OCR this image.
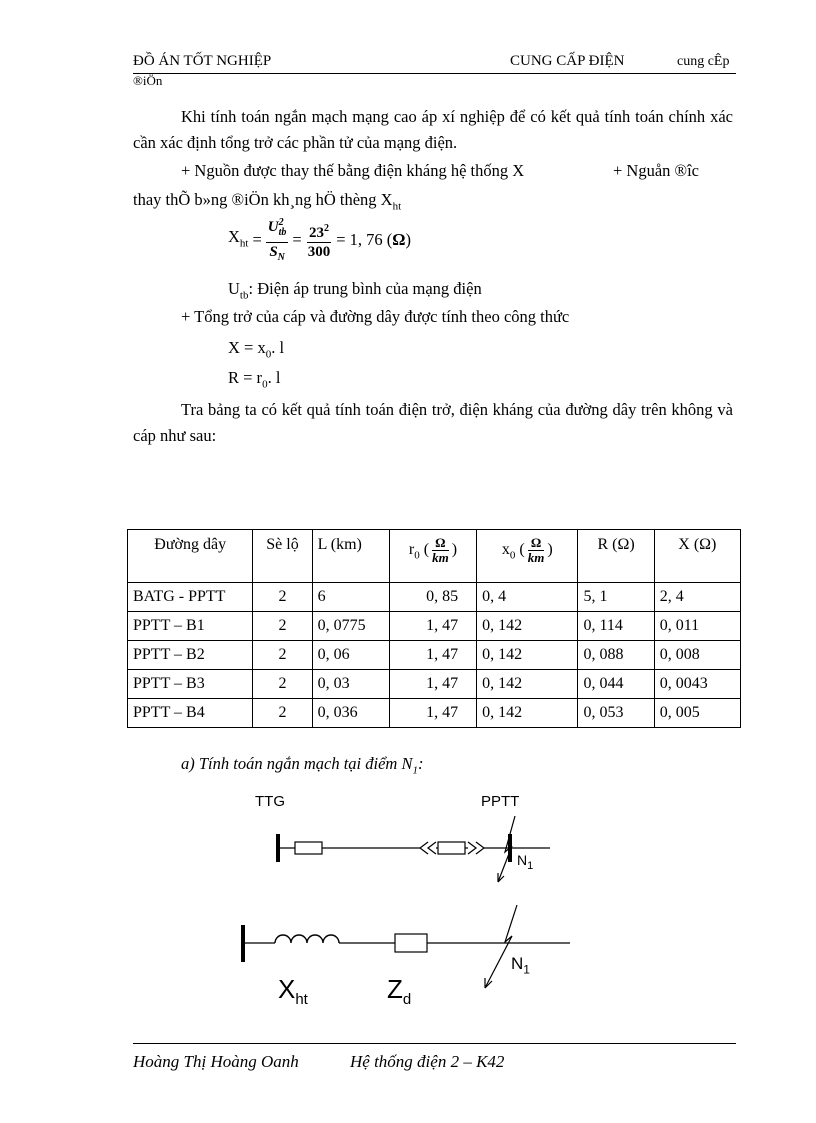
ĐỒ ÁN TỐT NGHIỆP	CUNG CẤP ĐIỆN	cung cÊp
®iÖn
Khi tính toán ngắn mạch mạng cao áp xí nghiệp để có kết quả tính toán chính xác cần xác định tổng trở các phần tử của mạng điện.
+ Nguồn được thay thế bằng điện kháng hệ thống X	+ Nguån ®îc
thay thÕ b»ng ®iÖn kh¸ng hÖ thèng $X_{ht}$
$X_{ht} = \frac{U^2_{tb}}{S_N} = \frac{23^2}{300} = 1$, 76 (Ω)
$U_{tb}$: Điện áp trung bình của mạng điện
+ Tổng trở của cáp và đường dây được tính theo công thức
$X = x_0$. l
$R = r_0$. l
Tra bảng ta có kết quả tính toán điện trở, điện kháng của đường dây trên không và cáp như sau:
Đường dây	Sè lộ	L (km)	$r_0$ ( $\frac{\Omega}{km}$ )	$x_0$ ( $\frac{\Omega}{km}$ )	R (Ω)	X (Ω)
BATG - PPTT	2	6	0, 85	0, 4	5, 1	2, 4
PPTT – B1	2	0, 0775	1, 47	0, 142	0, 114	0, 011
PPTT – B2	2	0, 06	1, 47	0, 142	0, 088	0, 008
PPTT – B3	2	0, 03	1, 47	0, 142	0, 044	0, 0043
PPTT – B4	2	0, 036	1, 47	0, 142	0, 053	0, 005
a) Tính toán ngắn mạch tại điểm $N_1$:
TTG	PPTT
$N_1$
$N_1$
$X_{ht}$	$Z_d$
Hoàng Thị Hoàng Oanh	Hệ thống điện 2 – K42
